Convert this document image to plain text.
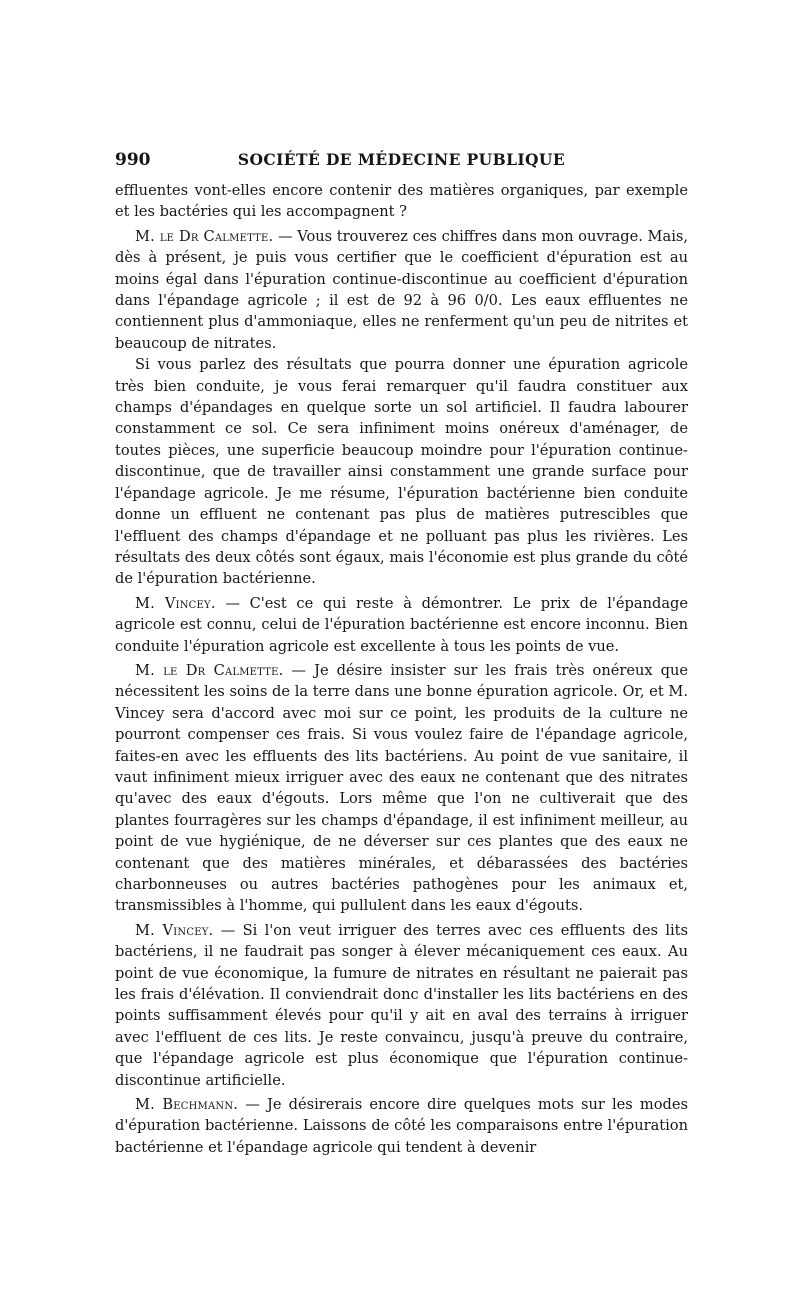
990	SOCIÉTÉ DE MÉDECINE PUBLIQUE

effluentes vont-elles encore contenir des matières organiques, par exemple et les bactéries qui les accompagnent ?

M. le Dr Calmette. — Vous trouverez ces chiffres dans mon ouvrage. Mais, dès à présent, je puis vous certifier que le coefficient d'épuration est au moins égal dans l'épuration continue-discontinue au coefficient d'épuration dans l'épandage agricole ; il est de 92 à 96 0/0. Les eaux effluentes ne contiennent plus d'ammoniaque, elles ne renferment qu'un peu de nitrites et beaucoup de nitrates.

Si vous parlez des résultats que pourra donner une épuration agricole très bien conduite, je vous ferai remarquer qu'il faudra constituer aux champs d'épandages en quelque sorte un sol artificiel. Il faudra labourer constamment ce sol. Ce sera infiniment moins onéreux d'aménager, de toutes pièces, une superficie beaucoup moindre pour l'épuration continue-discontinue, que de travailler ainsi constamment une grande surface pour l'épandage agricole. Je me résume, l'épuration bactérienne bien conduite donne un effluent ne contenant pas plus de matières putrescibles que l'effluent des champs d'épandage et ne polluant pas plus les rivières. Les résultats des deux côtés sont égaux, mais l'économie est plus grande du côté de l'épuration bactérienne.

M. Vincey. — C'est ce qui reste à démontrer. Le prix de l'épandage agricole est connu, celui de l'épuration bactérienne est encore inconnu. Bien conduite l'épuration agricole est excellente à tous les points de vue.

M. le Dr Calmette. — Je désire insister sur les frais très onéreux que nécessitent les soins de la terre dans une bonne épuration agricole. Or, et M. Vincey sera d'accord avec moi sur ce point, les produits de la culture ne pourront compenser ces frais. Si vous voulez faire de l'épandage agricole, faites-en avec les effluents des lits bactériens. Au point de vue sanitaire, il vaut infiniment mieux irriguer avec des eaux ne contenant que des nitrates qu'avec des eaux d'égouts. Lors même que l'on ne cultiverait que des plantes fourragères sur les champs d'épandage, il est infiniment meilleur, au point de vue hygiénique, de ne déverser sur ces plantes que des eaux ne contenant que des matières minérales, et débarassées des bactéries charbonneuses ou autres bactéries pathogènes pour les animaux et, transmissibles à l'homme, qui pullulent dans les eaux d'égouts.

M. Vincey. — Si l'on veut irriguer des terres avec ces effluents des lits bactériens, il ne faudrait pas songer à élever mécaniquement ces eaux. Au point de vue économique, la fumure de nitrates en résultant ne paierait pas les frais d'élévation. Il conviendrait donc d'installer les lits bactériens en des points suffisamment élevés pour qu'il y ait en aval des terrains à irriguer avec l'effluent de ces lits. Je reste convaincu, jusqu'à preuve du contraire, que l'épandage agricole est plus économique que l'épuration continue-discontinue artificielle.

M. Bechmann. — Je désirerais encore dire quelques mots sur les modes d'épuration bactérienne. Laissons de côté les comparaisons entre l'épuration bactérienne et l'épandage agricole qui tendent à devenir
